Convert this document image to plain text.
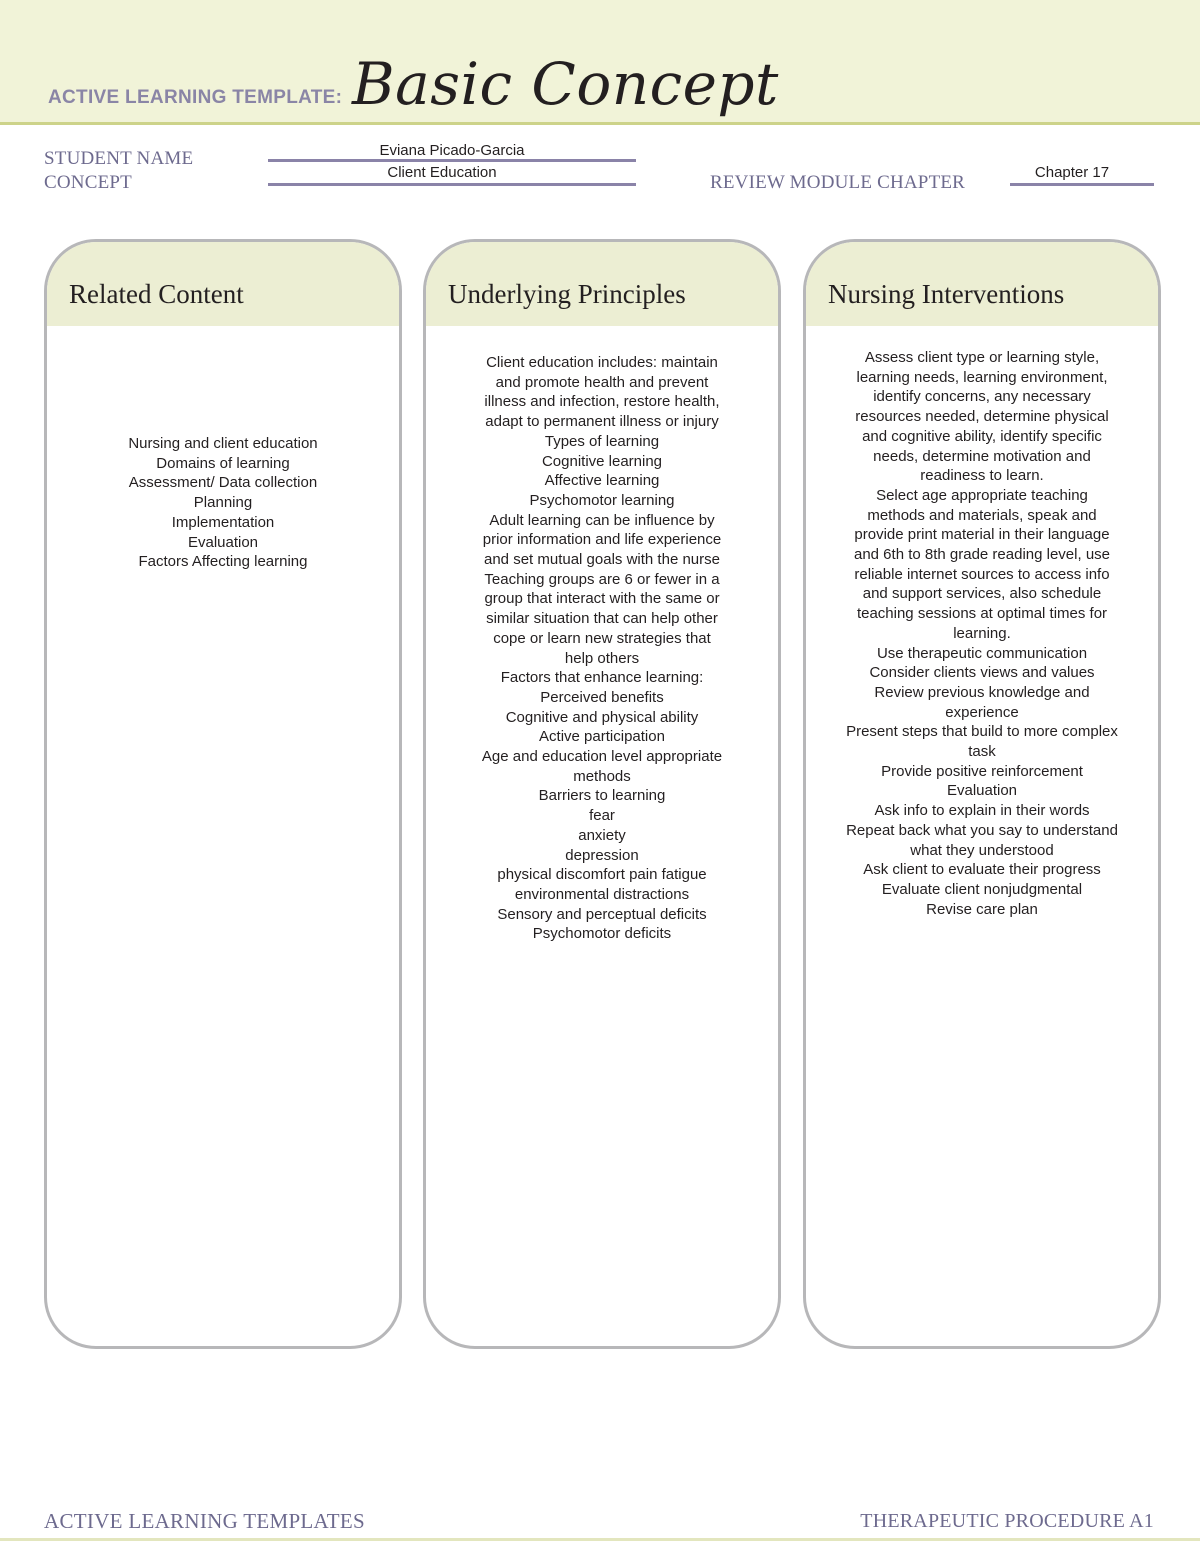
ACTIVE LEARNING TEMPLATE: Basic Concept
STUDENT NAME	Eviana Picado-Garcia
CONCEPT	Client Education	REVIEW MODULE CHAPTER	Chapter 17
Related Content
Nursing and client education
Domains of learning
Assessment/ Data collection
Planning
Implementation
Evaluation
Factors Affecting learning
Underlying Principles
Client education includes: maintain
and promote health and prevent
illness and infection, restore health,
adapt to permanent illness or injury
Types of learning
Cognitive learning
Affective learning
Psychomotor learning
Adult learning can be influence by
prior information and life experience
and set mutual goals with the nurse
Teaching groups are 6 or fewer in a
group that interact with the same or
similar situation that can help other
cope or learn new strategies that
help others
Factors that enhance learning:
Perceived benefits
Cognitive and physical ability
Active participation
Age and education level appropriate
methods
Barriers to learning
fear
anxiety
depression
physical discomfort pain fatigue
environmental distractions
Sensory and perceptual deficits
Psychomotor deficits
Nursing Interventions
Assess client type or learning style,
learning needs, learning environment,
identify concerns, any necessary
resources needed, determine physical
and cognitive ability, identify specific
needs, determine motivation and
readiness to learn.
Select age appropriate teaching
methods and materials, speak and
provide print material in their language
and 6th to 8th grade reading level, use
reliable internet sources to access info
and support services, also schedule
teaching sessions at optimal times for
learning.
Use therapeutic communication
Consider clients views and values
Review previous knowledge and
experience
Present steps that build to more complex
task
Provide positive reinforcement
Evaluation
Ask info to explain in their words
Repeat back what you say to understand
what they understood
Ask client to evaluate their progress
Evaluate client nonjudgmental
Revise care plan
ACTIVE LEARNING TEMPLATES	THERAPEUTIC PROCEDURE A1
